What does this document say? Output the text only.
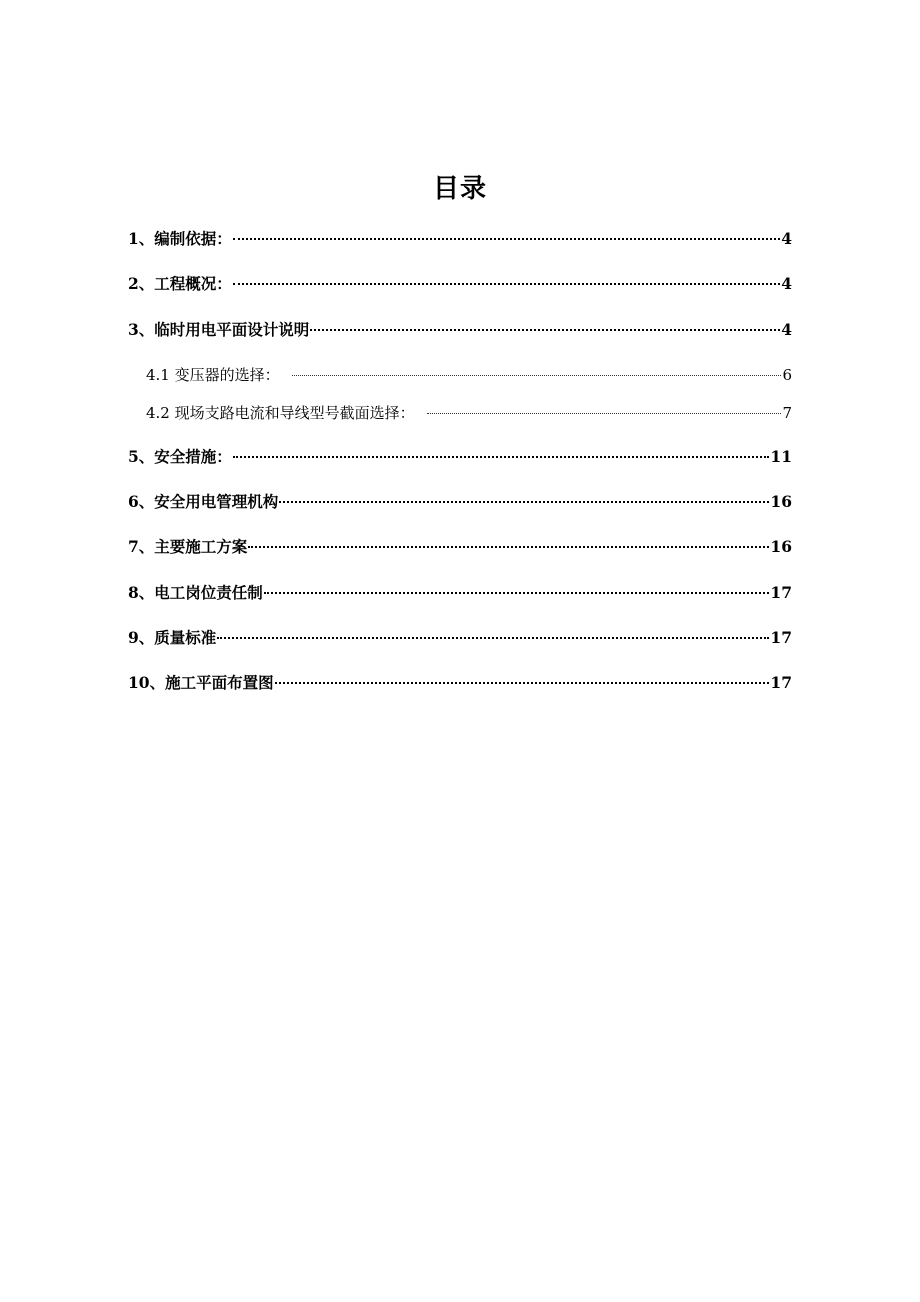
目录
1、编制依据：	4
2、工程概况：	4
3、临时用电平面设计说明	4
4.1 变压器的选择：	6
4.2 现场支路电流和导线型号截面选择：	7
5、安全措施：	11
6、安全用电管理机构	16
7、主要施工方案	16
8、电工岗位责任制	17
9、质量标准	17
10、施工平面布置图	17
